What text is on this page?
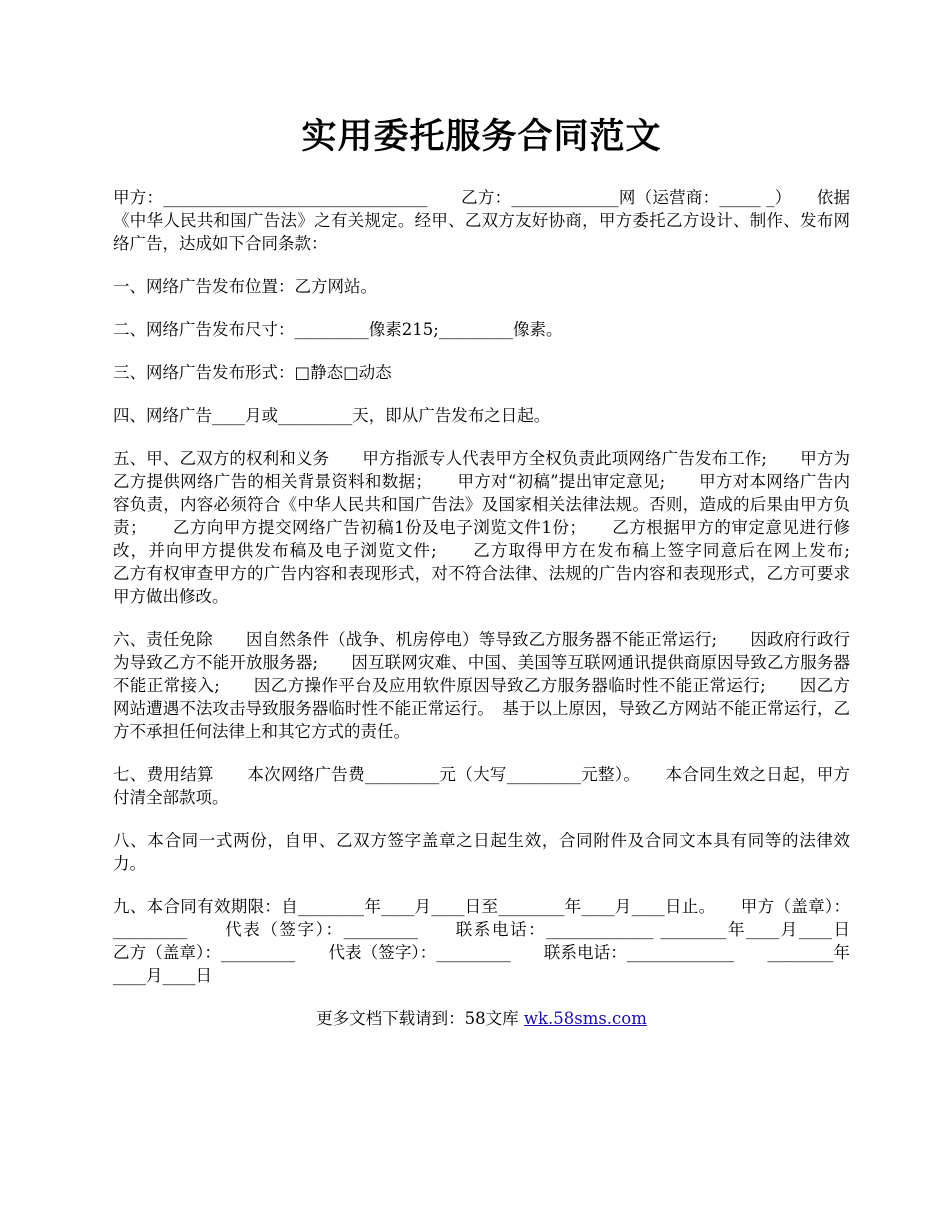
实用委托服务合同范文

甲方：________________________________　　乙方：_____________网（运营商：_____ _）　　依据《中华人民共和国广告法》之有关规定。经甲、乙双方友好协商，甲方委托乙方设计、制作、发布网络广告，达成如下合同条款：

一、网络广告发布位置：乙方网站。

二、网络广告发布尺寸：_________像素215;_________像素。

三、网络广告发布形式：□静态□动态

四、网络广告____月或_________天，即从广告发布之日起。

五、甲、乙双方的权利和义务　　甲方指派专人代表甲方全权负责此项网络广告发布工作;　　甲方为乙方提供网络广告的相关背景资料和数据；　　甲方对“初稿”提出审定意见;　　甲方对本网络广告内容负责，内容必须符合《中华人民共和国广告法》及国家相关法律法规。否则，造成的后果由甲方负责；　　乙方向甲方提交网络广告初稿1份及电子浏览文件1份；　　乙方根据甲方的审定意见进行修改，并向甲方提供发布稿及电子浏览文件;　　乙方取得甲方在发布稿上签字同意后在网上发布;　　乙方有权审查甲方的广告内容和表现形式，对不符合法律、法规的广告内容和表现形式，乙方可要求甲方做出修改。

六、责任免除　　因自然条件（战争、机房停电）等导致乙方服务器不能正常运行;　　因政府行政行为导致乙方不能开放服务器;　　因互联网灾难、中国、美国等互联网通讯提供商原因导致乙方服务器不能正常接入;　　因乙方操作平台及应用软件原因导致乙方服务器临时性不能正常运行;　　因乙方网站遭遇不法攻击导致服务器临时性不能正常运行。　基于以上原因，导致乙方网站不能正常运行，乙方不承担任何法律上和其它方式的责任。

七、费用结算　　本次网络广告费_________元（大写_________元整）。　　本合同生效之日起，甲方付清全部款项。

八、本合同一式两份，自甲、乙双方签字盖章之日起生效，合同附件及合同文本具有同等的法律效力。

九、本合同有效期限：自________年____月____日至________年____月____日止。　　甲方（盖章）：_________　　代表（签字）：_________　　联系电话：_____________ ________年____月____日　　乙方（盖章）：_________　　代表（签字）：_________　　联系电话：_____________　　________年____月____日

更多文档下载请到：58文库 wk.58sms.com
